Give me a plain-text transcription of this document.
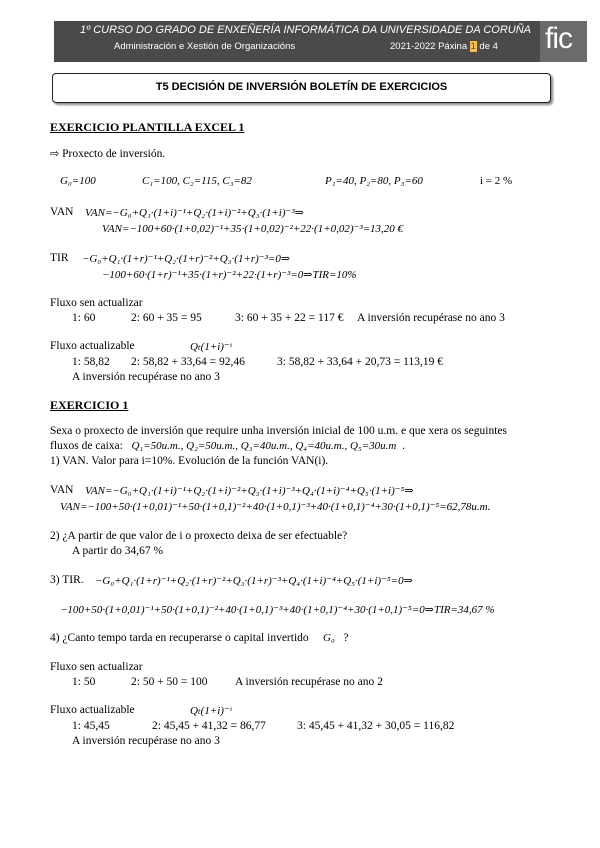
1º CURSO DO GRADO DE ENXEÑERÍA INFORMÁTICA DA UNIVERSIDADE DA CORUÑA
Administración e Xestión de Organizacións	2021-2022 Páxina 1 de 4 fic
T5 DECISIÓN DE INVERSIÓN BOLETÍN DE EXERCICIOS
EXERCICIO PLANTILLA EXCEL 1
⇨ Proxecto de inversión.
G₀=100	C₁=100, C₂=115, C₃=82	P₁=40, P₂=80, P₃=60	i = 2 %
VAN VAN=−G₀+Q₁·(1+i)⁻¹+Q₂·(1+i)⁻²+Q₃·(1+i)⁻³⇒
VAN=−100+60·(1+0,02)⁻¹+35·(1+0,02)⁻²+22·(1+0,02)⁻³=13,20 €
TIR −G₀+Q₁·(1+r)⁻¹+Q₂·(1+r)⁻²+Q₃·(1+r)⁻³=0⇒
−100+60·(1+r)⁻¹+35·(1+r)⁻²+22·(1+r)⁻³=0⇒TIR=10%
Fluxo sen actualizar
1: 60	2: 60 + 35 = 95	3: 60 + 35 + 22 = 117 € A inversión recupérase no ano 3
Fluxo actualizable	Qₜ(1+i)⁻ᵗ
1: 58,82 2: 58,82 + 33,64 = 92,46	3: 58,82 + 33,64 + 20,73 = 113,19 €
A inversión recupérase no ano 3
EXERCICIO 1
Sexa o proxecto de inversión que require unha inversión inicial de 100 u.m. e que xera os seguintes
fluxos de caixa: Q₁=50u.m., Q₂=50u.m., Q₃=40u.m., Q₄=40u.m., Q₅=30u.m .
1) VAN. Valor para i=10%. Evolución de la función VAN(i).
VAN VAN=−G₀+Q₁·(1+i)⁻¹+Q₂·(1+i)⁻²+Q₃·(1+i)⁻³+Q₄·(1+i)⁻⁴+Q₅·(1+i)⁻⁵⇒
VAN=−100+50·(1+0,01)⁻¹+50·(1+0,1)⁻²+40·(1+0,1)⁻³+40·(1+0,1)⁻⁴+30·(1+0,1)⁻⁵=62,78u.m.
2) ¿A partir de que valor de i o proxecto deixa de ser efectuable?
A partir do 34,67 %
3) TIR. −G₀+Q₁·(1+r)⁻¹+Q₂·(1+r)⁻²+Q₃·(1+r)⁻³+Q₄·(1+i)⁻⁴+Q₅·(1+i)⁻⁵=0⇒
−100+50·(1+0,01)⁻¹+50·(1+0,1)⁻²+40·(1+0,1)⁻³+40·(1+0,1)⁻⁴+30·(1+0,1)⁻⁵=0⇒TIR=34,67 %
4) ¿Canto tempo tarda en recuperarse o capital invertido G₀ ?
Fluxo sen actualizar
1: 50	2: 50 + 50 = 100 A inversión recupérase no ano 2
Fluxo actualizable	Qₜ(1+i)⁻ᵗ
1: 45,45	2: 45,45 + 41,32 = 86,77	3: 45,45 + 41,32 + 30,05 = 116,82
A inversión recupérase no ano 3
